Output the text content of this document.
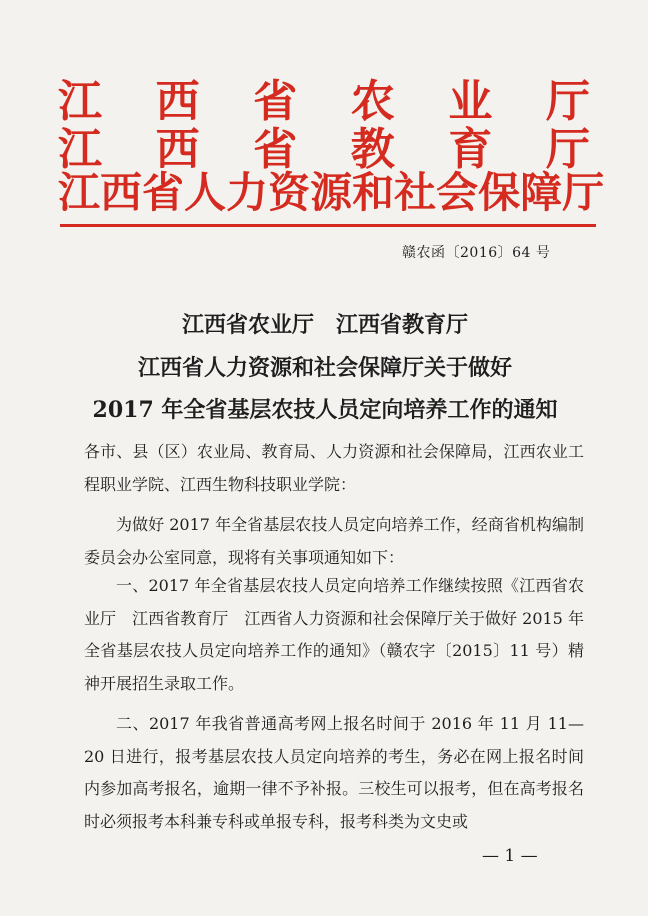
江 西 省 农 业 厅
江 西 省 教 育 厅
江 西 省 人 力 资 源 和 社 会 保 障 厅
赣农函〔2016〕64 号
江西省农业厅　江西省教育厅
江西省人力资源和社会保障厅关于做好
2017 年全省基层农技人员定向培养工作的通知
各市、县（区）农业局、教育局、人力资源和社会保障局，江西农业工程职业学院、江西生物科技职业学院：
为做好 2017 年全省基层农技人员定向培养工作，经商省机构编制委员会办公室同意，现将有关事项通知如下：
一、2017 年全省基层农技人员定向培养工作继续按照《江西省农业厅　江西省教育厅　江西省人力资源和社会保障厅关于做好 2015 年全省基层农技人员定向培养工作的通知》（赣农字〔2015〕11 号）精神开展招生录取工作。
二、2017 年我省普通高考网上报名时间于 2016 年 11 月 11—20 日进行，报考基层农技人员定向培养的考生，务必在网上报名时间内参加高考报名，逾期一律不予补报。三校生可以报考，但在高考报名时必须报考本科兼专科或单报专科，报考科类为文史或
— 1 —
